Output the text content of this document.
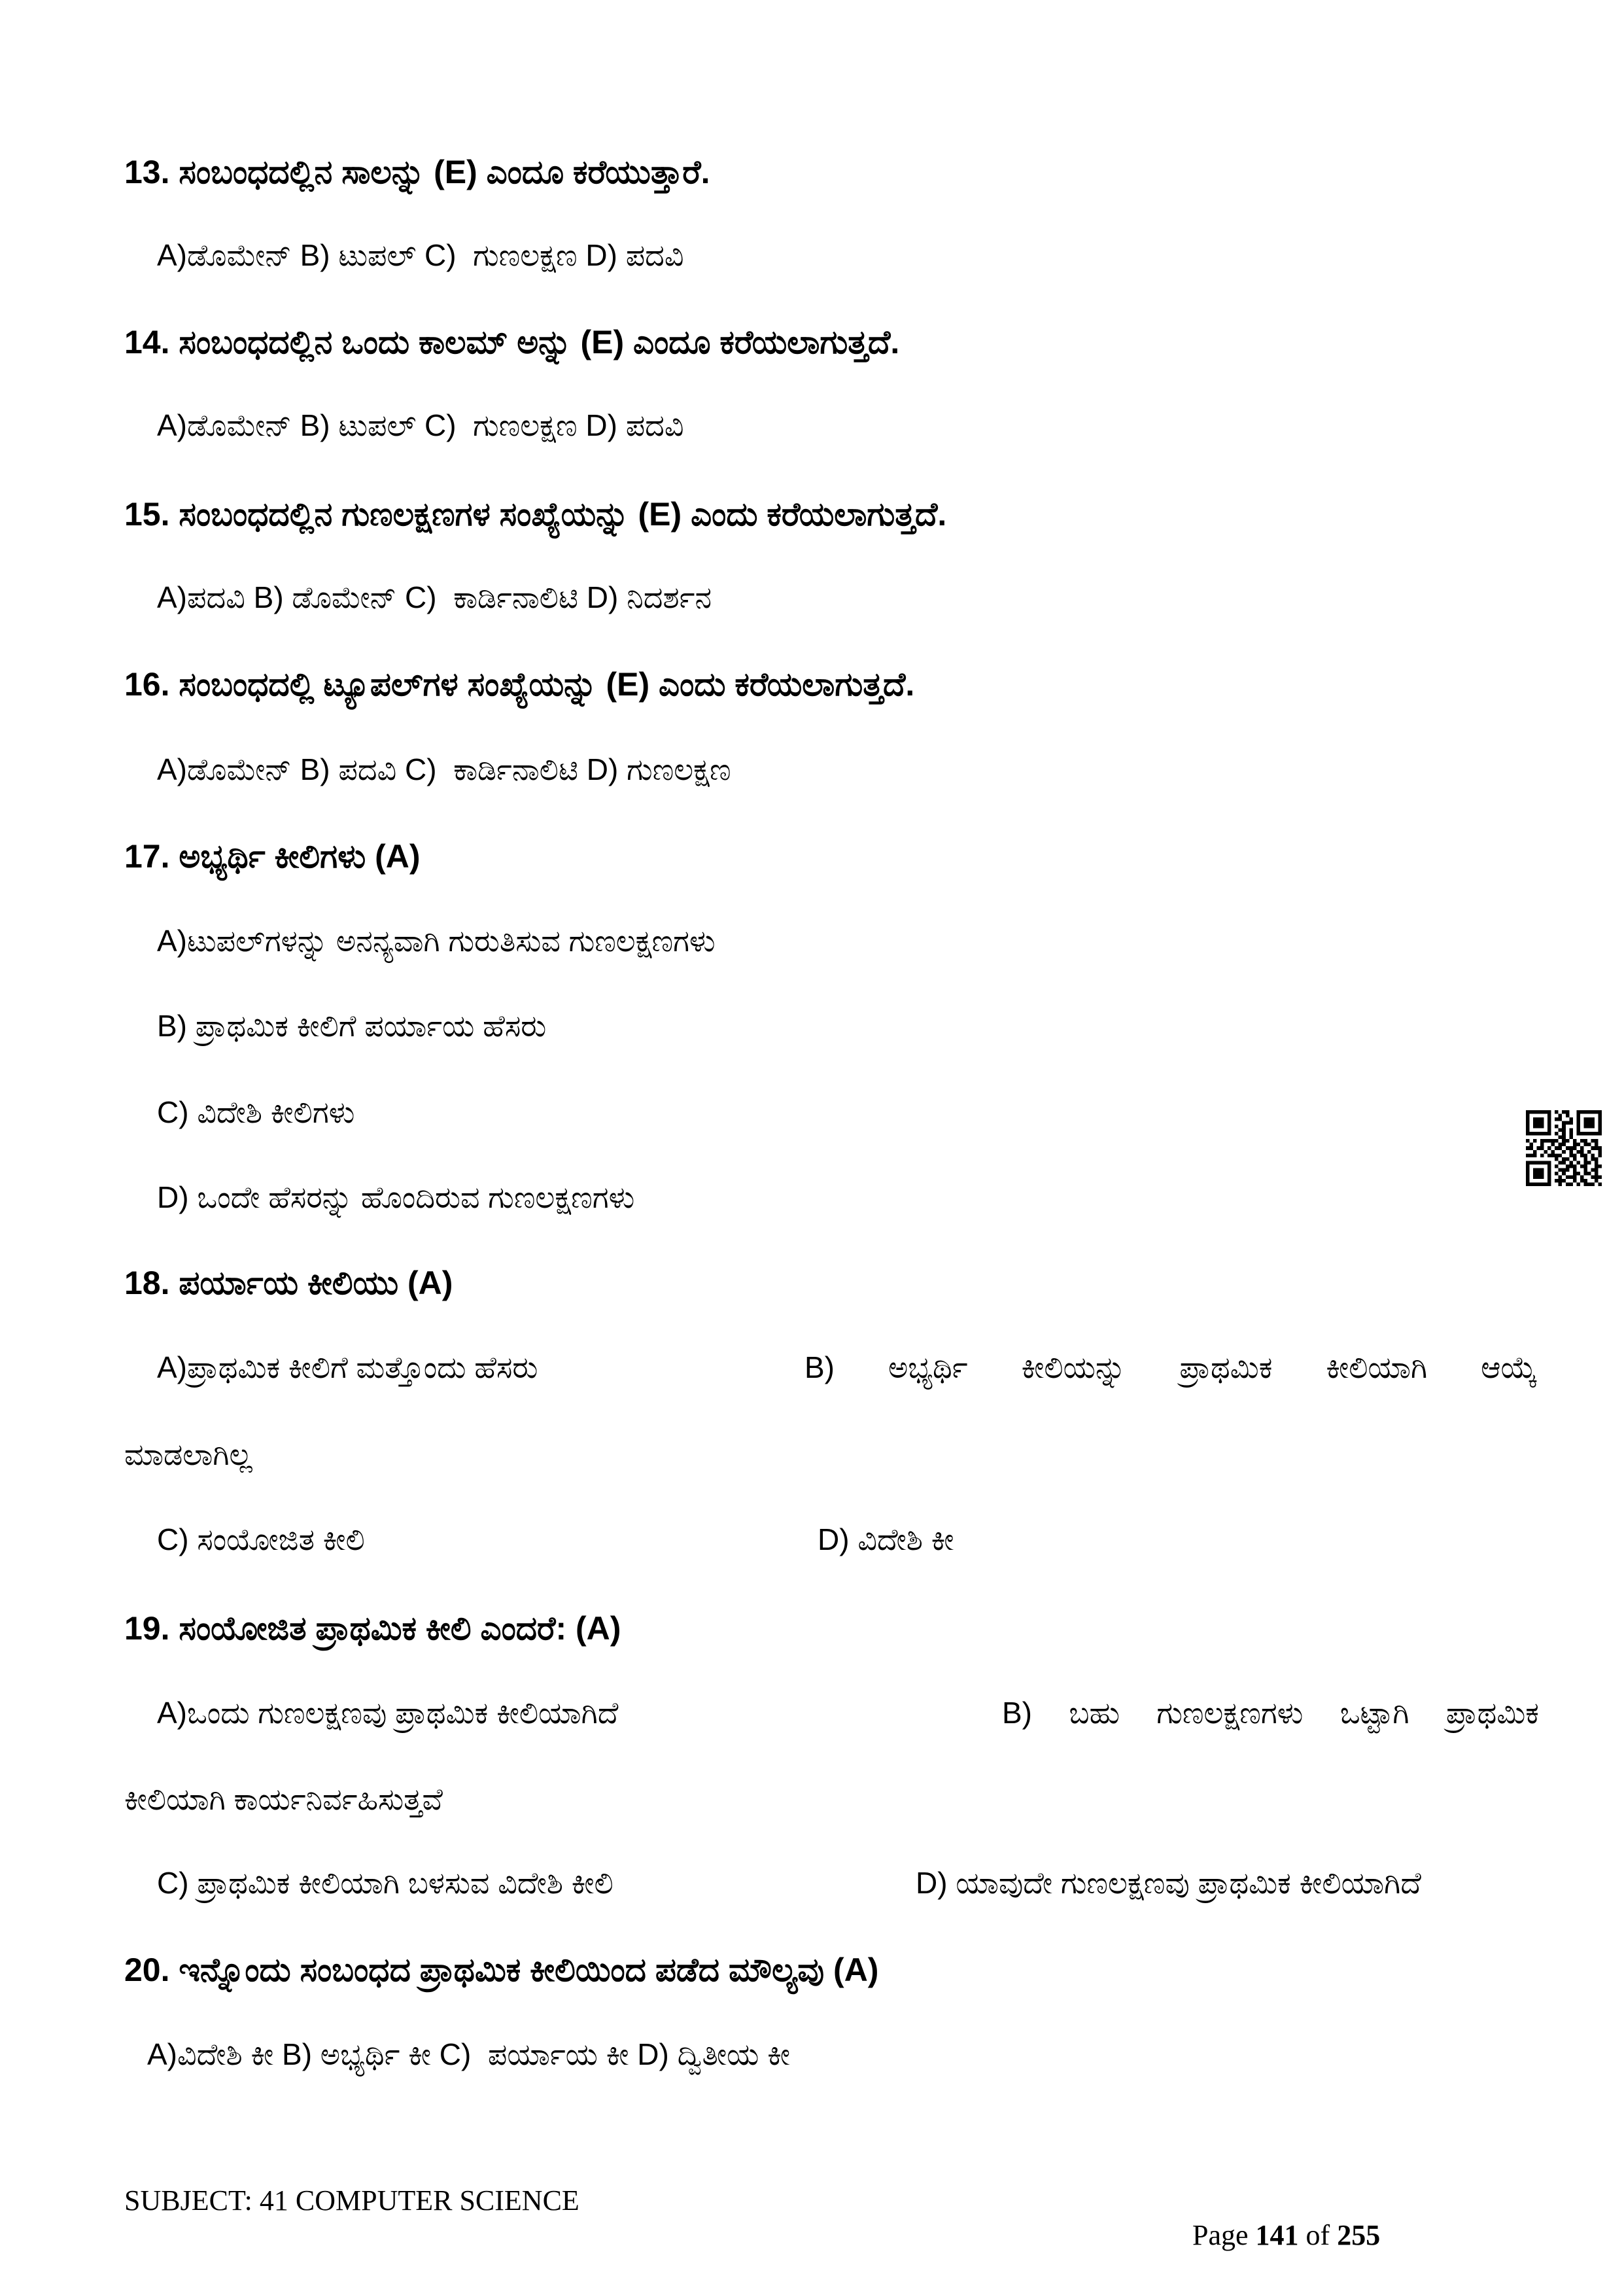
13. ಸಂಬಂಧದಲ್ಲಿನ ಸಾಲನ್ನು (E) ಎಂದೂ ಕರೆಯುತ್ತಾರೆ.
A)ಡೊಮೇನ್ B) ಟುಪಲ್ C)  ಗುಣಲಕ್ಷಣ D) ಪದವಿ
14. ಸಂಬಂಧದಲ್ಲಿನ ಒಂದು ಕಾಲಮ್ ಅನ್ನು (E) ಎಂದೂ ಕರೆಯಲಾಗುತ್ತದೆ.
A)ಡೊಮೇನ್ B) ಟುಪಲ್ C)  ಗುಣಲಕ್ಷಣ D) ಪದವಿ
15. ಸಂಬಂಧದಲ್ಲಿನ ಗುಣಲಕ್ಷಣಗಳ ಸಂಖ್ಯೆಯನ್ನು (E) ಎಂದು ಕರೆಯಲಾಗುತ್ತದೆ.
A)ಪದವಿ B) ಡೊಮೇನ್ C)  ಕಾರ್ಡಿನಾಲಿಟಿ D) ನಿದರ್ಶನ
16. ಸಂಬಂಧದಲ್ಲಿ ಟ್ಯೂಪಲ್‌ಗಳ ಸಂಖ್ಯೆಯನ್ನು (E) ಎಂದು ಕರೆಯಲಾಗುತ್ತದೆ.
A)ಡೊಮೇನ್ B) ಪದವಿ C)  ಕಾರ್ಡಿನಾಲಿಟಿ D) ಗುಣಲಕ್ಷಣ
17. ಅಭ್ಯರ್ಥಿ ಕೀಲಿಗಳು (A)
A)ಟುಪಲ್‌ಗಳನ್ನು ಅನನ್ಯವಾಗಿ ಗುರುತಿಸುವ ಗುಣಲಕ್ಷಣಗಳು
B) ಪ್ರಾಥಮಿಕ ಕೀಲಿಗೆ ಪರ್ಯಾಯ ಹೆಸರು
C) ವಿದೇಶಿ ಕೀಲಿಗಳು
D) ಒಂದೇ ಹೆಸರನ್ನು ಹೊಂದಿರುವ ಗುಣಲಕ್ಷಣಗಳು
18. ಪರ್ಯಾಯ ಕೀಲಿಯು (A)
A)ಪ್ರಾಥಮಿಕ ಕೀಲಿಗೆ ಮತ್ತೊಂದು ಹೆಸರು	B) ಅಭ್ಯರ್ಥಿ ಕೀಲಿಯನ್ನು ಪ್ರಾಥಮಿಕ ಕೀಲಿಯಾಗಿ ಆಯ್ಕೆ
ಮಾಡಲಾಗಿಲ್ಲ
C) ಸಂಯೋಜಿತ ಕೀಲಿ	D) ವಿದೇಶಿ ಕೀ
19. ಸಂಯೋಜಿತ ಪ್ರಾಥಮಿಕ ಕೀಲಿ ಎಂದರೆ: (A)
A)ಒಂದು ಗುಣಲಕ್ಷಣವು ಪ್ರಾಥಮಿಕ ಕೀಲಿಯಾಗಿದೆ	B) ಬಹು ಗುಣಲಕ್ಷಣಗಳು ಒಟ್ಟಾಗಿ ಪ್ರಾಥಮಿಕ
ಕೀಲಿಯಾಗಿ ಕಾರ್ಯನಿರ್ವಹಿಸುತ್ತವೆ
C) ಪ್ರಾಥಮಿಕ ಕೀಲಿಯಾಗಿ ಬಳಸುವ ವಿದೇಶಿ ಕೀಲಿ	D) ಯಾವುದೇ ಗುಣಲಕ್ಷಣವು ಪ್ರಾಥಮಿಕ ಕೀಲಿಯಾಗಿದೆ
20. ಇನ್ನೊಂದು ಸಂಬಂಧದ ಪ್ರಾಥಮಿಕ ಕೀಲಿಯಿಂದ ಪಡೆದ ಮೌಲ್ಯವು (A)
A)ವಿದೇಶಿ ಕೀ B) ಅಭ್ಯರ್ಥಿ ಕೀ C)  ಪರ್ಯಾಯ ಕೀ D) ದ್ವಿತೀಯ ಕೀ
SUBJECT: 41 COMPUTER SCIENCE

Page 141 of 255
